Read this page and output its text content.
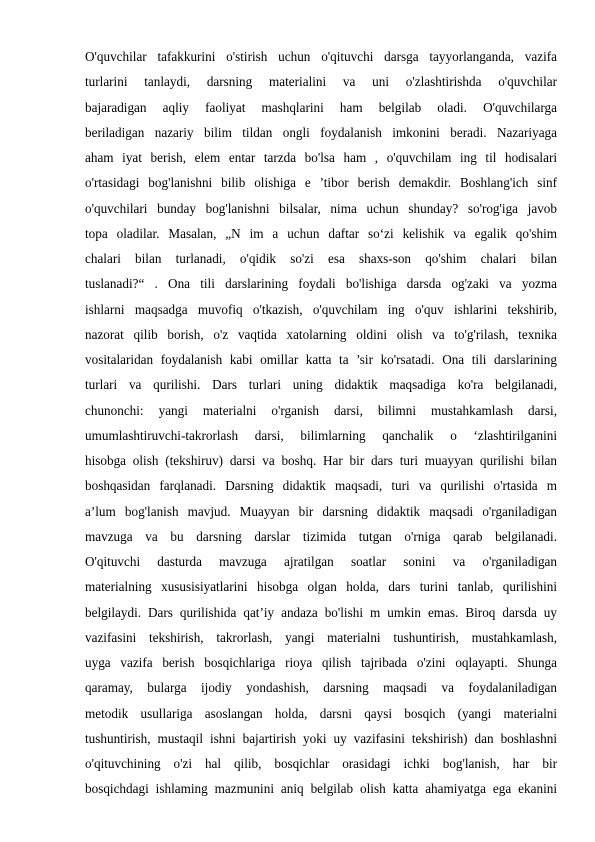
O'quvchilar tafakkurini o'stirish uchun o'qituvchi darsga tayyorlanganda, vazifa
turlarini tanlaydi, darsning materialini va uni o'zlashtirishda o'quvchilar
bajaradigan aqliy faoliyat mashqlarini ham belgilab oladi. O'quvchilarga
beriladigan nazariy bilim tildan ongli foydalanish imkonini beradi. Nazariyaga
aham iyat berish, elem entar tarzda bo'lsa ham , o'quvchilam ing til hodisalari
o'rtasidagi bog'lanishni bilib olishiga e ’tibor berish demakdir. Boshlang'ich sinf
o'quvchilari bunday bog'lanishni bilsalar, nima uchun shunday? so'rog'iga javob
topa oladilar. Masalan, „N im a uchun daftar so‘zi kelishik va egalik qo'shim
chalari bilan turlanadi, o'qidik so'zi esa shaxs-son qo'shim chalari bilan
tuslanadi?“ . Ona tili darslarining foydali bo'lishiga darsda og'zaki va yozma
ishlarni maqsadga muvofiq o'tkazish, o'quvchilam ing o'quv ishlarini tekshirib,
nazorat qilib borish, o'z vaqtida xatolarning oldini olish va to'g'rilash, texnika
vositalaridan foydalanish kabi omillar katta ta ’sir ko'rsatadi. Ona tili darslarining
turlari va qurilishi. Dars turlari uning didaktik maqsadiga ko'ra belgilanadi,
chunonchi: yangi materialni o'rganish darsi, bilimni mustahkamlash darsi,
umumlashtiruvchi-takrorlash darsi, bilimlarning qanchalik o ‘zlashtirilganini
hisobga olish (tekshiruv) darsi va boshq. Har bir dars turi muayyan qurilishi bilan
boshqasidan farqlanadi. Darsning didaktik maqsadi, turi va qurilishi o'rtasida m
a’lum bog'lanish mavjud. Muayyan bir darsning didaktik maqsadi o'rganiladigan
mavzuga va bu darsning darslar tizimida tutgan o'rniga qarab belgilanadi.
O'qituvchi dasturda mavzuga ajratilgan soatlar sonini va o'rganiladigan
materialning xususisiyatlarini hisobga olgan holda, dars turini tanlab, qurilishini
belgilaydi. Dars qurilishida qat’iy andaza bo'lishi m umkin emas. Biroq darsda uy
vazifasini tekshirish, takrorlash, yangi materialni tushuntirish, mustahkamlash,
uyga vazifa berish bosqichlariga rioya qilish tajribada o'zini oqlayapti. Shunga
qaramay, bularga ijodiy yondashish, darsning maqsadi va foydalaniladigan
metodik usullariga asoslangan holda, darsni qaysi bosqich (yangi materialni
tushuntirish, mustaqil ishni bajartirish yoki uy vazifasini tekshirish) dan boshlashni
o'qituvchining o'zi hal qilib, bosqichlar orasidagi ichki bog'lanish, har bir
bosqichdagi ishlaming mazmunini aniq belgilab olish katta ahamiyatga ega ekanini
